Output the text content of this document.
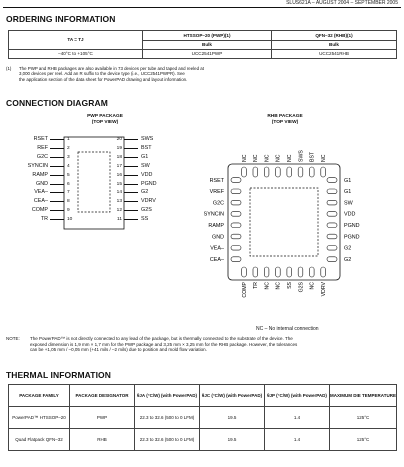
SLUS621A – AUGUST 2004 – SEPTEMBER 2005
ORDERING INFORMATION
TA = TJ	HTSSOP–20 (PWP)(1)	QFN–32 (RHB)(1)
	Bulk	Bulk
–40°C to +105°C	UCC2541PWP	UCC2541RHB
(1)	The PWP and RHB packages are also available in 73 devices per tube and taped and reeled at
3,000 devices per reel. Add an R suffix to the device type (i.e., UCC2541PWPR). See
the application section of the data sheet for PowerPAD drawing and layout information.
CONNECTION DIAGRAM
PWP PACKAGE
(TOP VIEW)
RSET	1
REF	2
G2C	3
SYNCIN	4
RAMP	5
GND	6
VEA–	7
CEA–	8
COMP	9
TR	10
20	SWS
19	BST
18	G1
17	SW
16	VDD
15	PGND
14	G2
13	VDRV
12	G2S
11	SS
RHB PACKAGE
(TOP VIEW)
NC NC NC NC NC SWS BST NC
COMP TR NC NC SS G2S NC VDRV
RSET
VREF
G2C
SYNCIN
RAMP
GND
VEA–
CEA–
G1
G1
SW
VDD
PGND
PGND
G2
G2
NC – No internal connection
NOTE:	The PowerPAD™ is not directly connected to any lead of the package, but is thermally connected to the substrate of the device. The
exposed dimension is 1,9 mm × 1,7 mm for the PWP package and 3,25 mm × 3,25 mm for the RHB package. However, the tolerances
can be +1,05 mm / –0,05 mm (+41 mils / –2 mils) due to position and mold flow variation.
THERMAL INFORMATION
PACKAGE FAMILY	PACKAGE DESIGNATOR	θJA (°C/W) (with PowerPAD)	θJC (°C/W) (with PowerPAD)	θJP (°C/W) (with PowerPAD)	MAXIMUM DIE TEMPERATURE
PowerPAD™ HTSSOP–20	PWP	22.3 to 32.6 (500 to 0 LFM)	19.5	1.4	125°C
Quad Flatpack QFN–32	RHB	22.3 to 32.6 (500 to 0 LFM)	19.5	1.4	125°C
